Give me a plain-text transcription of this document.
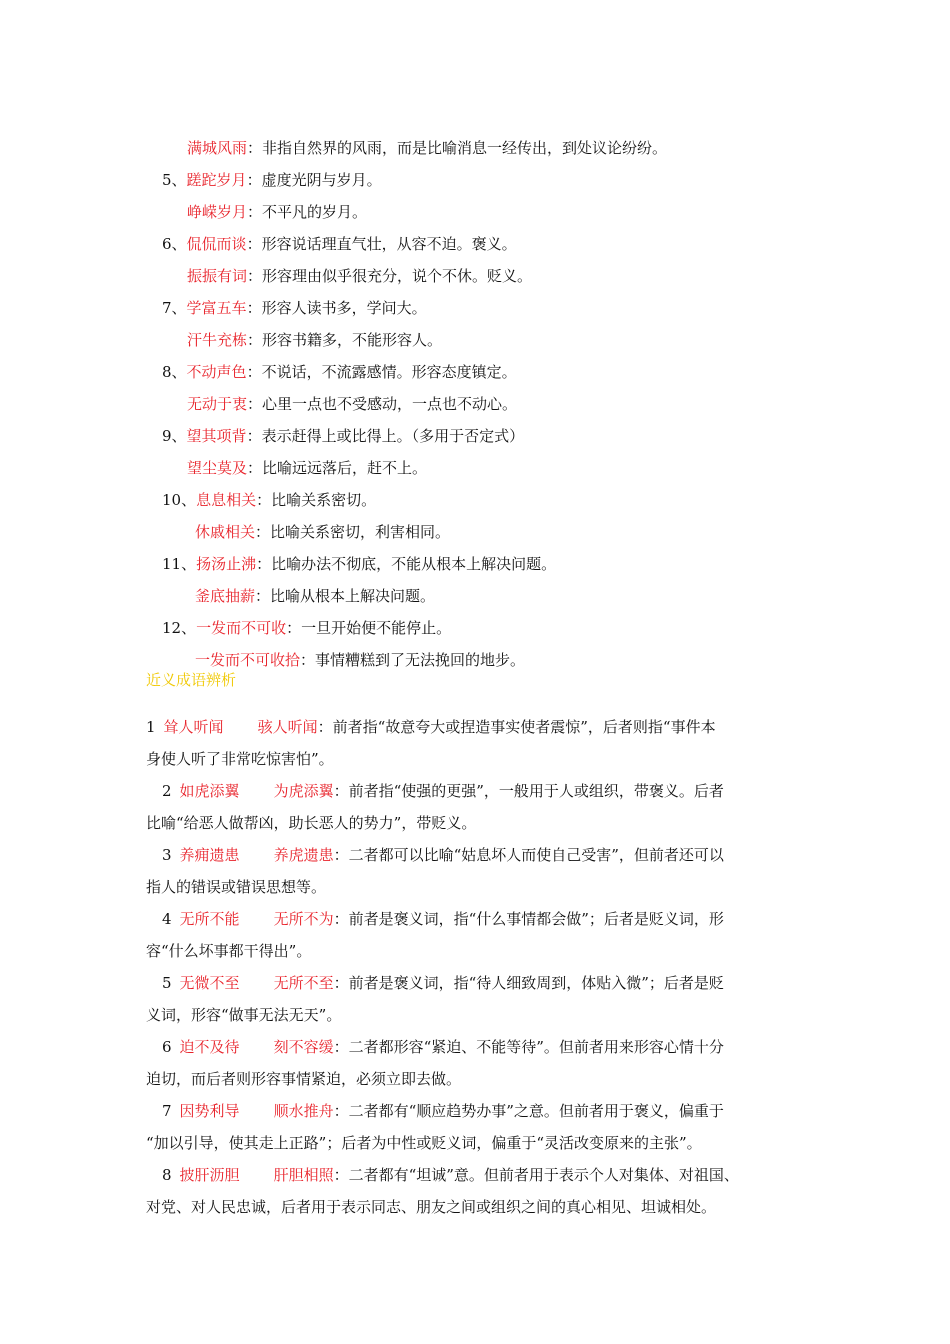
满城风雨：非指自然界的风雨，而是比喻消息一经传出，到处议论纷纷。
5、蹉跎岁月：虚度光阴与岁月。
峥嵘岁月：不平凡的岁月。
6、侃侃而谈：形容说话理直气壮，从容不迫。褒义。
振振有词：形容理由似乎很充分，说个不休。贬义。
7、学富五车：形容人读书多，学问大。
汗牛充栋：形容书籍多，不能形容人。
8、不动声色：不说话，不流露感情。形容态度镇定。
无动于衷：心里一点也不受感动，一点也不动心。
9、望其项背：表示赶得上或比得上。（多用于否定式）
望尘莫及：比喻远远落后，赶不上。
10、息息相关：比喻关系密切。
休戚相关：比喻关系密切，利害相同。
11、扬汤止沸：比喻办法不彻底，不能从根本上解决问题。
釜底抽薪：比喻从根本上解决问题。
12、一发而不可收：一旦开始便不能停止。
一发而不可收拾：事情糟糕到了无法挽回的地步。
近义成语辨析
1 耸人听闻 骇人听闻：前者指“故意夸大或捏造事实使者震惊”，后者则指“事件本
身使人听了非常吃惊害怕”。
2 如虎添翼 为虎添翼：前者指“使强的更强”，一般用于人或组织，带褒义。后者
比喻“给恶人做帮凶，助长恶人的势力”，带贬义。
3 养痈遗患 养虎遗患：二者都可以比喻“姑息坏人而使自己受害”，但前者还可以
指人的错误或错误思想等。
4 无所不能 无所不为：前者是褒义词，指“什么事情都会做”；后者是贬义词，形
容“什么坏事都干得出”。
5 无微不至 无所不至：前者是褒义词，指“待人细致周到，体贴入微”；后者是贬
义词，形容“做事无法无天”。
6 迫不及待 刻不容缓：二者都形容“紧迫、不能等待”。但前者用来形容心情十分
迫切，而后者则形容事情紧迫，必须立即去做。
7 因势利导 顺水推舟：二者都有“顺应趋势办事”之意。但前者用于褒义，偏重于
“加以引导，使其走上正路”；后者为中性或贬义词，偏重于“灵活改变原来的主张”。
8 披肝沥胆 肝胆相照：二者都有“坦诚”意。但前者用于表示个人对集体、对祖国、
对党、对人民忠诚，后者用于表示同志、朋友之间或组织之间的真心相见、坦诚相处。
